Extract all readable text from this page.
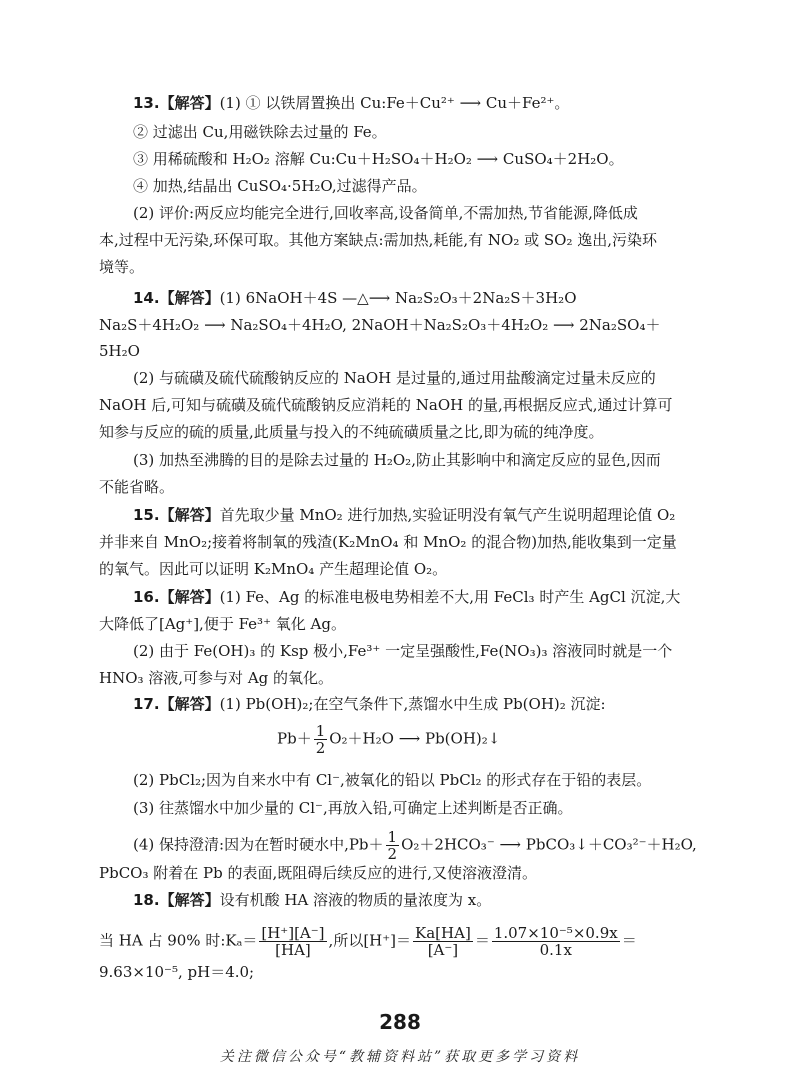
13.【解答】(1) ① 以铁屑置换出 Cu:Fe＋Cu²⁺ ⟶ Cu＋Fe²⁺。
② 过滤出 Cu,用磁铁除去过量的 Fe。
③ 用稀硫酸和 H₂O₂ 溶解 Cu:Cu＋H₂SO₄＋H₂O₂ ⟶ CuSO₄＋2H₂O。
④ 加热,结晶出 CuSO₄·5H₂O,过滤得产品。
(2) 评价:两反应均能完全进行,回收率高,设备简单,不需加热,节省能源,降低成
本,过程中无污染,环保可取。其他方案缺点:需加热,耗能,有 NO₂ 或 SO₂ 逸出,污染环
境等。
14.【解答】(1) 6NaOH＋4S —△⟶ Na₂S₂O₃＋2Na₂S＋3H₂O
Na₂S＋4H₂O₂ ⟶ Na₂SO₄＋4H₂O, 2NaOH＋Na₂S₂O₃＋4H₂O₂ ⟶ 2Na₂SO₄＋
5H₂O
(2) 与硫磺及硫代硫酸钠反应的 NaOH 是过量的,通过用盐酸滴定过量未反应的
NaOH 后,可知与硫磺及硫代硫酸钠反应消耗的 NaOH 的量,再根据反应式,通过计算可
知参与反应的硫的质量,此质量与投入的不纯硫磺质量之比,即为硫的纯净度。
(3) 加热至沸腾的目的是除去过量的 H₂O₂,防止其影响中和滴定反应的显色,因而
不能省略。
15.【解答】首先取少量 MnO₂ 进行加热,实验证明没有氧气产生说明超理论值 O₂
并非来自 MnO₂;接着将制氧的残渣(K₂MnO₄ 和 MnO₂ 的混合物)加热,能收集到一定量
的氧气。因此可以证明 K₂MnO₄ 产生超理论值 O₂。
16.【解答】(1) Fe、Ag 的标准电极电势相差不大,用 FeCl₃ 时产生 AgCl 沉淀,大
大降低了[Ag⁺],便于 Fe³⁺ 氧化 Ag。
(2) 由于 Fe(OH)₃ 的 Ksp 极小,Fe³⁺ 一定呈强酸性,Fe(NO₃)₃ 溶液同时就是一个
HNO₃ 溶液,可参与对 Ag 的氧化。
17.【解答】(1) Pb(OH)₂;在空气条件下,蒸馏水中生成 Pb(OH)₂ 沉淀:
$Pb+ \frac{1}{2} O_2+H_2O$ ⟶ Pb(OH)₂↓
(2) PbCl₂;因为自来水中有 Cl⁻,被氧化的铅以 PbCl₂ 的形式存在于铅的表层。
(3) 往蒸馏水中加少量的 Cl⁻,再放入铅,可确定上述判断是否正确。
(4) 保持澄清:因为在暂时硬水中$,Pb+ \frac{1}{2} O_2+2HCO_3^-$ ⟶ PbCO₃↓＋CO₃²⁻＋H₂O,
PbCO₃ 附着在 Pb 的表面,既阻碍后续反应的进行,又使溶液澄清。
18.【解答】设有机酸 HA 溶液的物质的量浓度为 x。
当 HA 占 90% 时:Kₐ＝ $\frac{[H^+][A^-]}{[HA]}$ ,所以$[H^+]= \frac{Ka[HA]}{[A^-]} = \frac{\text{1.07×10⁻⁵×0.9x}}{0.1x}$ ＝
9.63×10⁻⁵, pH＝4.0;
288
关注微信公众号“教辅资料站”获取更多学习资料
